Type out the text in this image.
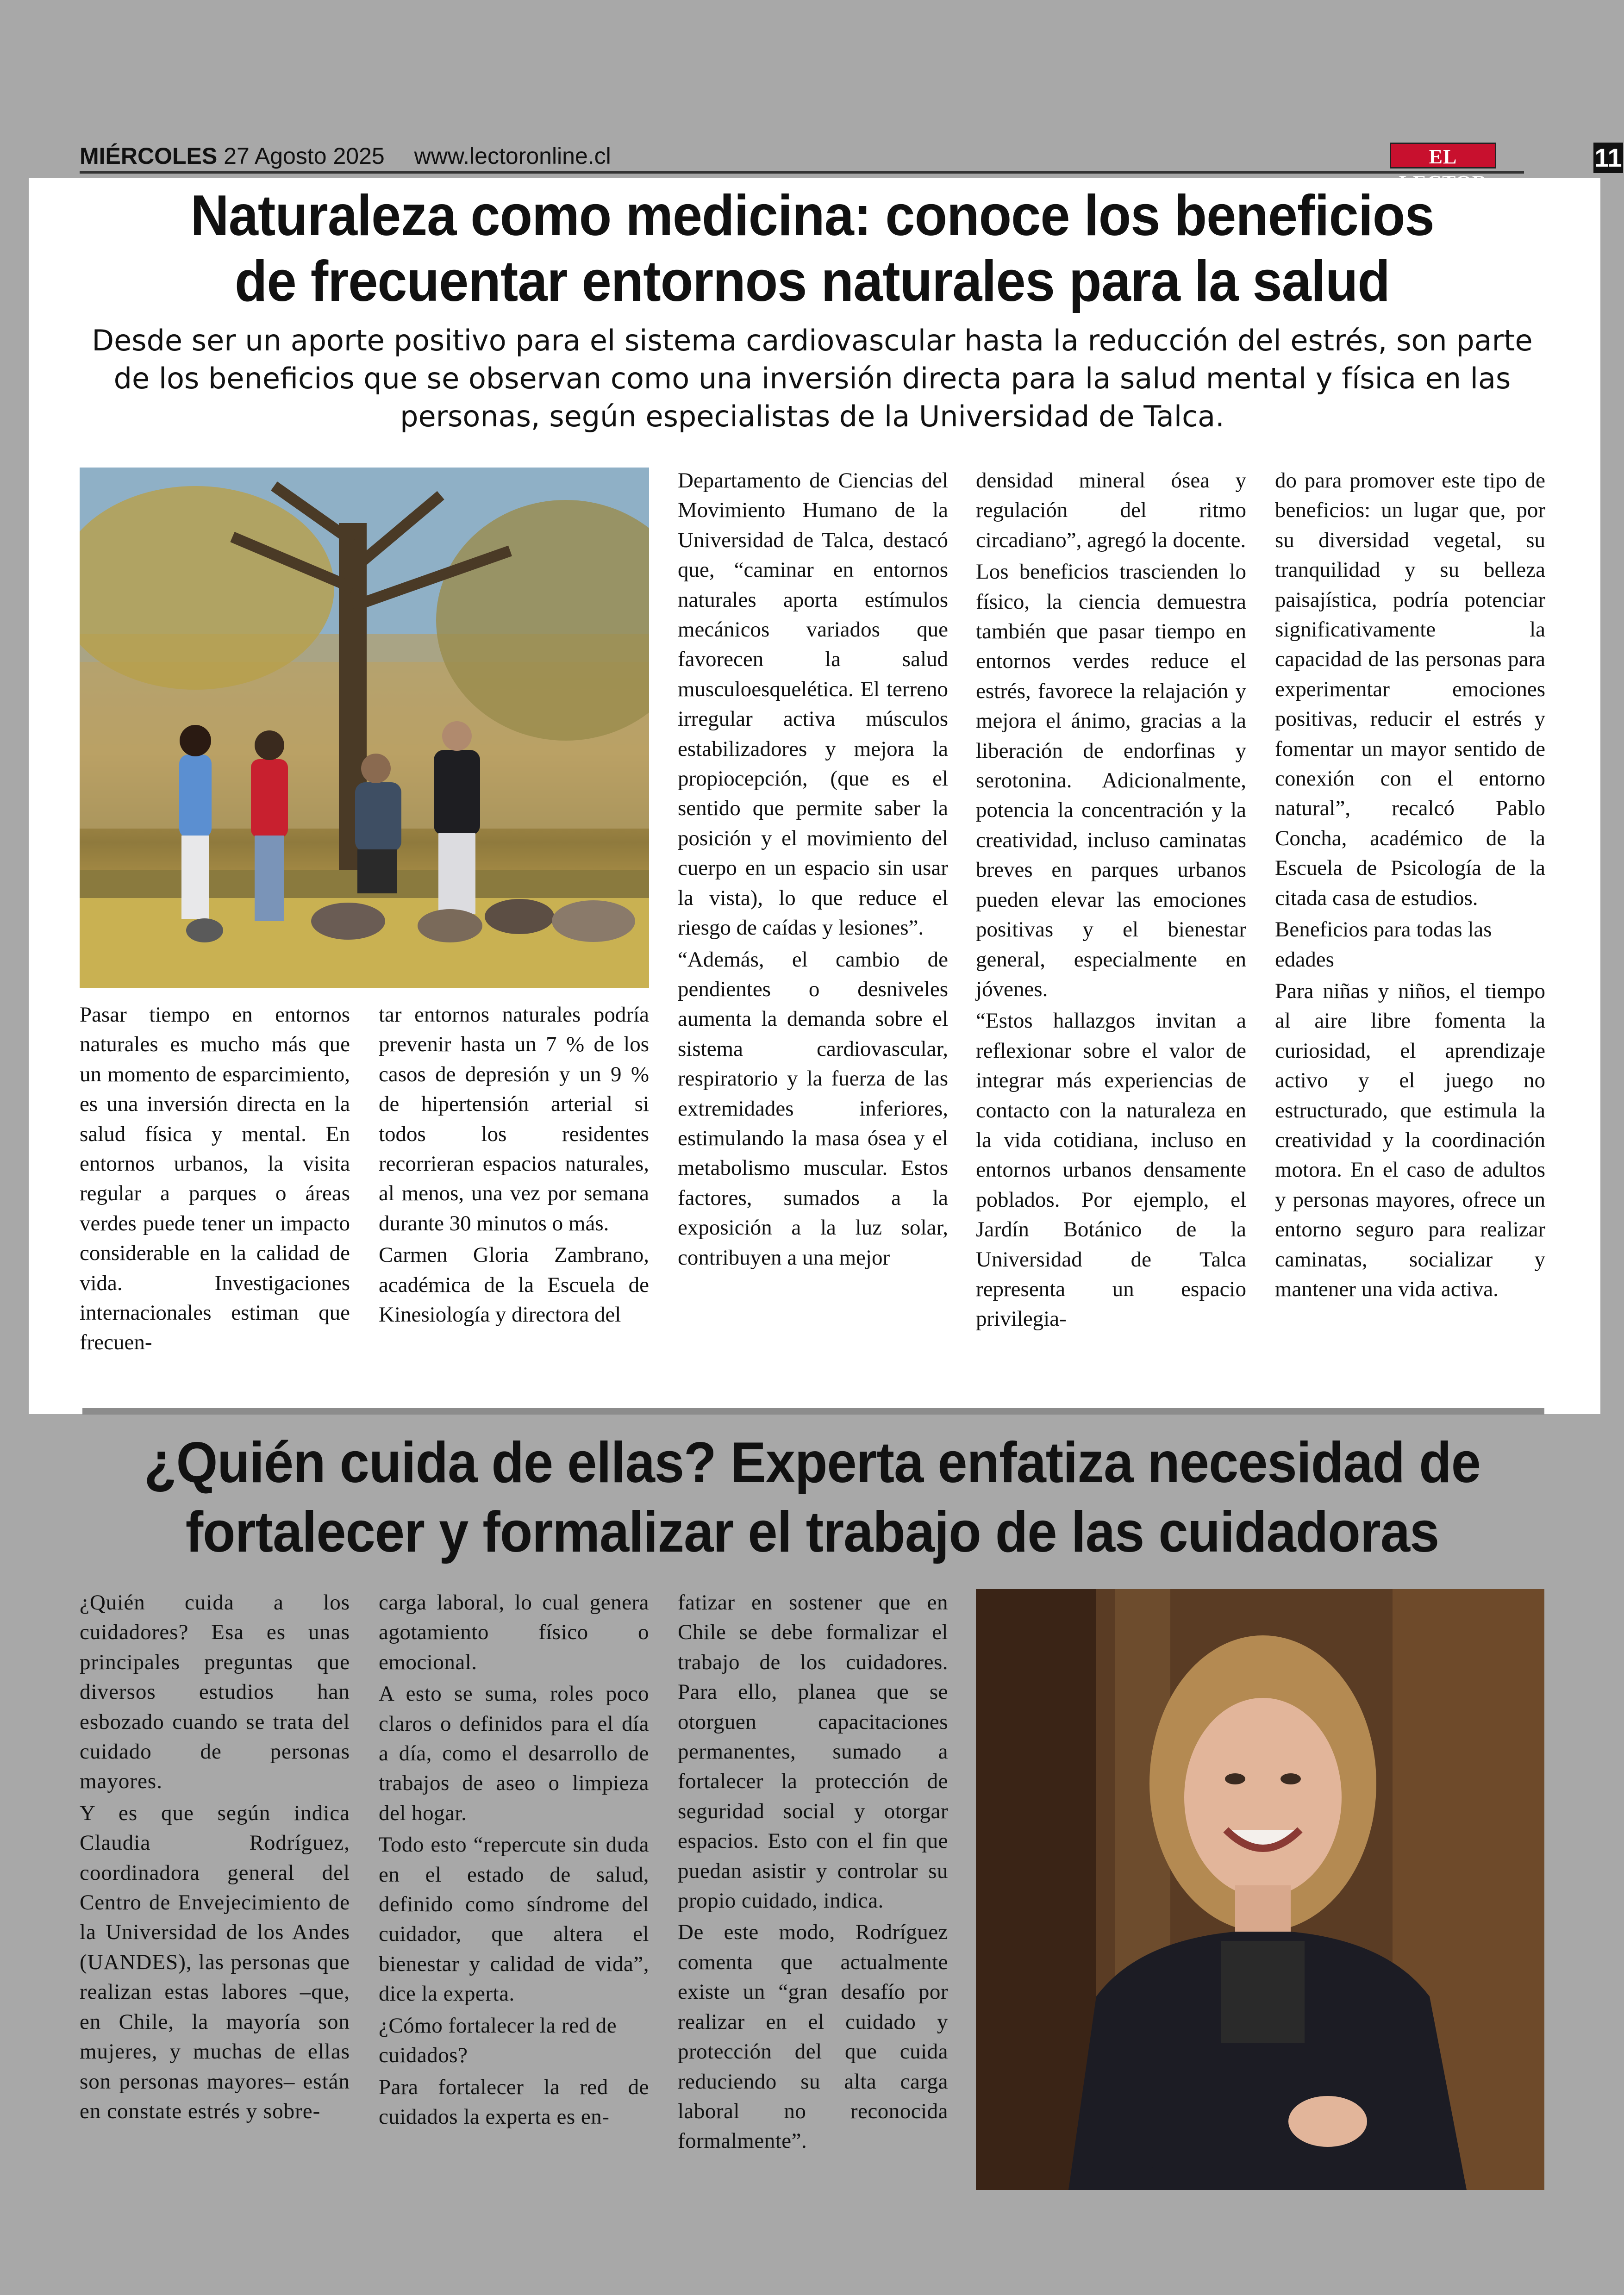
MIÉRCOLES 27 Agosto 2025 www.lectoronline.cl	EL	11
Naturaleza como medicina: conoce los beneficios
de frecuentar entornos naturales para la salud

Desde ser un aporte positivo para el sistema cardiovascular hasta la reducción del estrés, son parte de los beneficios que se observan como una inversión directa para la salud mental y física en las personas, según especialistas de la Universidad de Talca.

Pasar tiempo en entornos naturales es mucho más que un momento de esparcimiento, es una inversión directa en la salud física y mental. En entornos urbanos, la visita regular a parques o áreas verdes puede tener un impacto considerable en la calidad de vida. Investigaciones internacionales estiman que frecuen-

tar entornos naturales podría prevenir hasta un 7 % de los casos de depresión y un 9 % de hipertensión arterial si todos los residentes recorrieran espacios naturales, al menos, una vez por semana durante 30 minutos o más.

Carmen Gloria Zambrano, académica de la Escuela de Kinesiología y directora del

Departamento de Ciencias del Movimiento Humano de la Universidad de Talca, destacó que, “caminar en entornos naturales aporta estímulos mecánicos variados que favorecen la salud musculoesquelética. El terreno irregular activa músculos estabilizadores y mejora la propiocepción, (que es el sentido que permite saber la posición y el movimiento del cuerpo en un espacio sin usar la vista), lo que reduce el riesgo de caídas y lesiones”.

“Además, el cambio de pendientes o desniveles aumenta la demanda sobre el sistema cardiovascular, respiratorio y la fuerza de las extremidades inferiores, estimulando la masa ósea y el metabolismo muscular. Estos factores, sumados a la exposición a la luz solar, contribuyen a una mejor

densidad mineral ósea y regulación del ritmo circadiano”, agregó la docente.

Los beneficios trascienden lo físico, la ciencia demuestra también que pasar tiempo en entornos verdes reduce el estrés, favorece la relajación y mejora el ánimo, gracias a la liberación de endorfinas y serotonina. Adicionalmente, potencia la concentración y la creatividad, incluso caminatas breves en parques urbanos pueden elevar las emociones positivas y el bienestar general, especialmente en jóvenes.

“Estos hallazgos invitan a reflexionar sobre el valor de integrar más experiencias de contacto con la naturaleza en la vida cotidiana, incluso en entornos urbanos densamente poblados. Por ejemplo, el Jardín Botánico de la Universidad de Talca representa un espacio privilegia-

do para promover este tipo de beneficios: un lugar que, por su diversidad vegetal, su tranquilidad y su belleza paisajística, podría potenciar significativamente la capacidad de las personas para experimentar emociones positivas, reducir el estrés y fomentar un mayor sentido de conexión con el entorno natural”, recalcó Pablo Concha, académico de la Escuela de Psicología de la citada casa de estudios.

Beneficios para todas las edades

Para niñas y niños, el tiempo al aire libre fomenta la curiosidad, el aprendizaje activo y el juego no estructurado, que estimula la creatividad y la coordinación motora. En el caso de adultos y personas mayores, ofrece un entorno seguro para realizar caminatas, socializar y mantener una vida activa.

¿Quién cuida de ellas? Experta enfatiza necesidad de
fortalecer y formalizar el trabajo de las cuidadoras

¿Quién cuida a los cuidadores? Esa es unas principales preguntas que diversos estudios han esbozado cuando se trata del cuidado de personas mayores.

Y es que según indica Claudia Rodríguez, coordinadora general del Centro de Envejecimiento de la Universidad de los Andes (UANDES), las personas que realizan estas labores –que, en Chile, la mayoría son mujeres, y muchas de ellas son personas mayores– están en constate estrés y sobre-

carga laboral, lo cual genera agotamiento físico o emocional.

A esto se suma, roles poco claros o definidos para el día a día, como el desarrollo de trabajos de aseo o limpieza del hogar.

Todo esto “repercute sin duda en el estado de salud, definido como síndrome del cuidador, que altera el bienestar y calidad de vida”, dice la experta.

¿Cómo fortalecer la red de cuidados?

Para fortalecer la red de cuidados la experta es en-

fatizar en sostener que en Chile se debe formalizar el trabajo de los cuidadores. Para ello, planea que se otorguen capacitaciones permanentes, sumado a fortalecer la protección de seguridad social y otorgar espacios. Esto con el fin que puedan asistir y controlar su propio cuidado, indica.

De este modo, Rodríguez comenta que actualmente existe un “gran desafío por realizar en el cuidado y protección del que cuida reduciendo su alta carga laboral no reconocida formalmente”.
